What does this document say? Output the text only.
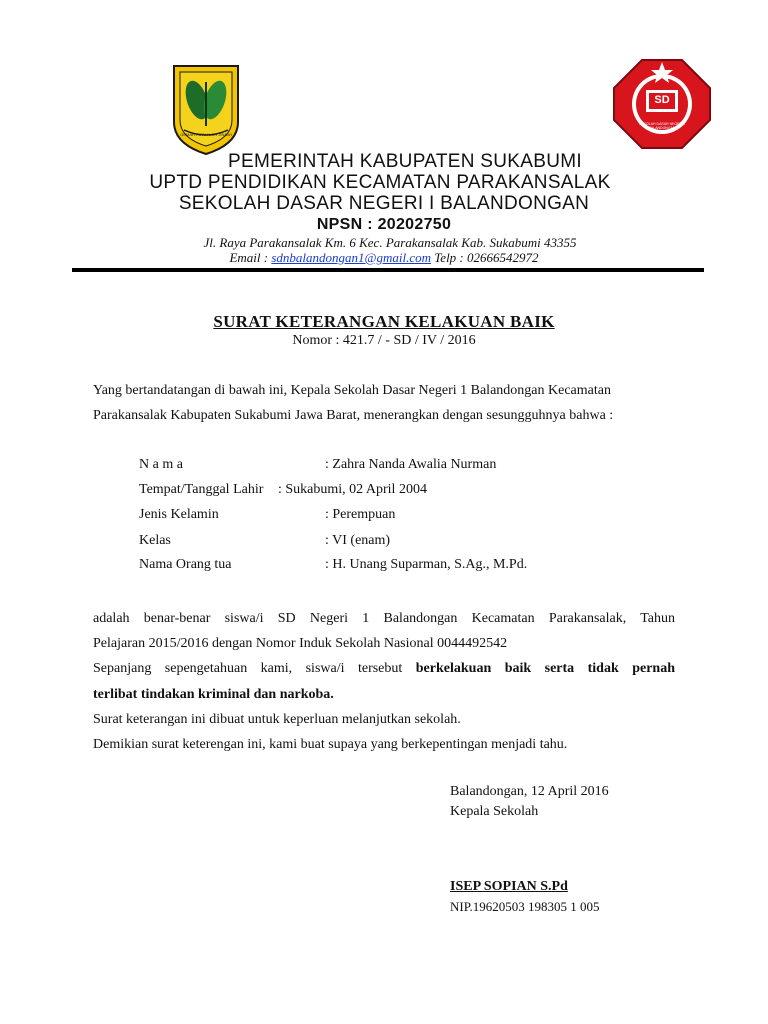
GEMAH RIPAH LOH JINAWI
SD
SEKOLAH DASAR NEGERI I BALANDONGAN
PEMERINTAH KABUPATEN SUKABUMI
UPTD PENDIDIKAN KECAMATAN PARAKANSALAK
SEKOLAH DASAR NEGERI I BALANDONGAN
NPSN : 20202750
Jl. Raya Parakansalak Km. 6 Kec. Parakansalak Kab. Sukabumi 43355
Email : sdnbalandongan1@gmail.com Telp : 02666542972
SURAT KETERANGAN KELAKUAN BAIK
Nomor : 421.7 / - SD / IV / 2016
Yang bertandatangan di bawah ini, Kepala Sekolah Dasar Negeri 1 Balandongan Kecamatan
Parakansalak Kabupaten Sukabumi Jawa Barat, menerangkan dengan sesungguhnya bahwa :
N a m a	: Zahra Nanda Awalia Nurman
Tempat/Tanggal Lahir : Sukabumi, 02 April 2004
Jenis Kelamin	: Perempuan
Kelas	: VI (enam)
Nama Orang tua	: H. Unang Suparman, S.Ag., M.Pd.
adalah benar-benar siswa/i SD Negeri 1 Balandongan Kecamatan Parakansalak, Tahun
Pelajaran 2015/2016 dengan Nomor Induk Sekolah Nasional 0044492542
Sepanjang sepengetahuan kami, siswa/i tersebut berkelakuan baik serta tidak pernah
terlibat tindakan kriminal dan narkoba.
Surat keterangan ini dibuat untuk keperluan melanjutkan sekolah.
Demikian surat keterengan ini, kami buat supaya yang berkepentingan menjadi tahu.
Balandongan, 12 April 2016
Kepala Sekolah
ISEP SOPIAN S.Pd
NIP.19620503 198305 1 005
